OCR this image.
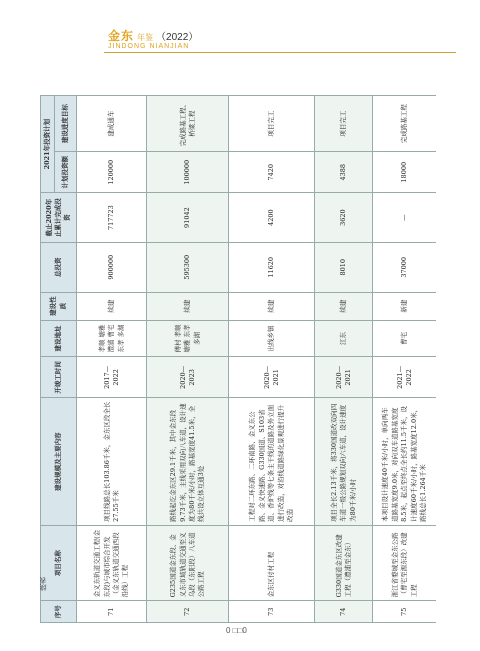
金东 年鉴 （2022）
JINDONG NIANJIAN
序号	项目名称	建设规模及主要内容	开竣工时间	建设地址	建设性质	总投资	截止2020年止累计完成投资	2021年投资计划	
								计划投资额	建设进度目标
71	金义东轨道交通工程(金东段)与城市综合开发（金义东轨道交通西段沿线）工程	项目线路总长103.86千米，金东区段全长27.55千米	2017—2022	孝顺 塘雅 澧浦 曹宅 东孝 多湖	续建	900000	717723	120000	建成通车
72	G235国道金东段、金义东市域轨道交通至义乌段（东阳段）八车道公路工程	路线起讫金东区29.1千米，其中金东段9.73千米，主线采用双向八车道，设计速度为80千米/小时，路基宽度41.5米，全线共设立体互通3处	2020—2023	傅村 孝顺 塘雅 东孝 多湖	续建	595300	91042	100000	完成路基工程、桥梁工程
73	金东区付村工程	工程对二环东路、二环南路、金义东公路、金义快速路、G330国道、S103省道、香炉线等七条主干线的道路及外立面进行改造，对沿线道路绿化景观进行提升改造	2020—2021	出线乡镇	续建	11620	4200	7420	项目完工
74	G330国道金东区改建工程（澧浦至金东）	项目全长2.13千米，将330国道改双向四车道一级公路规划双向六车道，设计速度为80千米/小时	2020—2021	江东	续建	8010	3620	4388	项目完工
75	浙江省婺城至金东公路（曹宅至源东段）改建工程	本项目设计速度40千米/小时，单向两车道路基宽度9.0米，对向双车道路基宽度8.5米，起点至终点全长约11.5千米，设计速度60千米/小时，路基宽度12.0米，路线总长1.264千米	2021—2022	曹宅	新建	37000	—	18000	完成路基工程
续表
0 □□0
